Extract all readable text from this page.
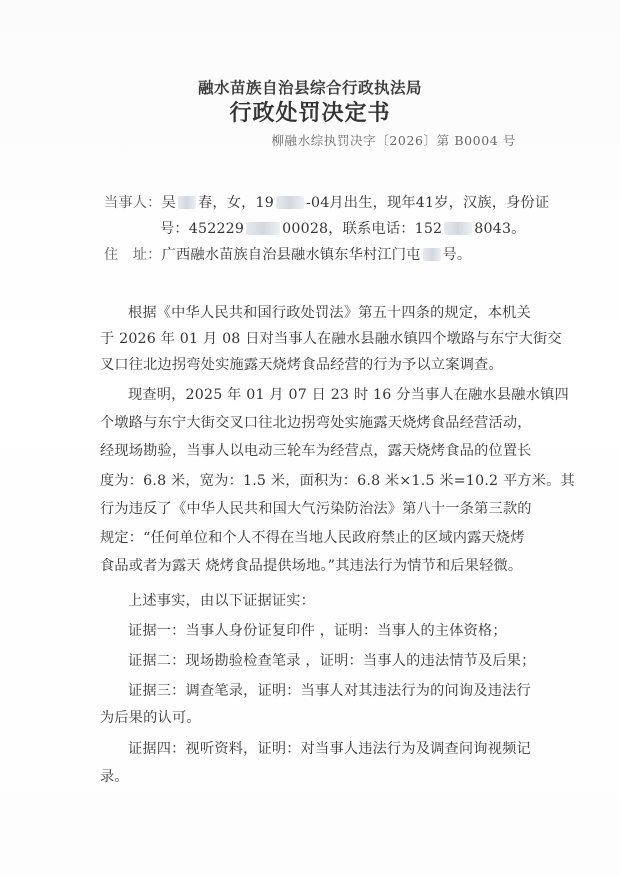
融水苗族自治县综合行政执法局
行政处罚决定书
柳融水综执罚决字〔2026〕第 B0004 号
当事人：吴 春，女，19 -04月出生，现年41岁，汉族，身份证
号：452229	00028，联系电话：152 8043。
住　址：广西融水苗族自治县融水镇东华村江门屯 号。
根据《中华人民共和国行政处罚法》第五十四条的规定，本机关
于 2026 年 01 月 08 日对当事人在融水县融水镇四个墩路与东宁大街交
叉口往北边拐弯处实施露天烧烤食品经营的行为予以立案调查。
现查明，2025 年 01 月 07 日 23 时 16 分当事人在融水县融水镇四
个墩路与东宁大街交叉口往北边拐弯处实施露天烧烤食品经营活动，
经现场勘验，当事人以电动三轮车为经营点，露天烧烤食品的位置长
度为：6.8 米，宽为：1.5 米，面积为：6.8 米×1.5 米=10.2 平方米。其
行为违反了《中华人民共和国大气污染防治法》第八十一条第三款的
规定：“任何单位和个人不得在当地人民政府禁止的区域内露天烧烤
食品或者为露天 烧烤食品提供场地。”其违法行为情节和后果轻微。
上述事实，由以下证据证实：
证据一：当事人身份证复印件 ，证明：当事人的主体资格；
证据二：现场勘验检查笔录 ，证明：当事人的违法情节及后果；
证据三：调查笔录，证明：当事人对其违法行为的问询及违法行
为后果的认可。
证据四：视听资料，证明：对当事人违法行为及调查问询视频记
录。
